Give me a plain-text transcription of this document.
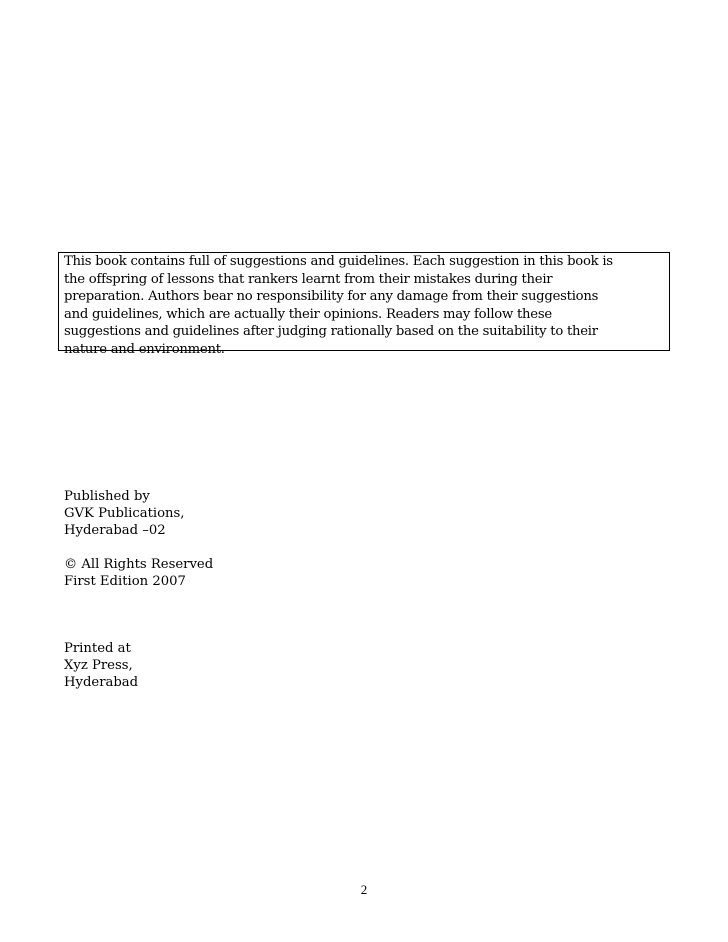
This book contains full of suggestions and guidelines. Each suggestion in this book is
the offspring of lessons that rankers learnt from their mistakes during their
preparation. Authors bear no responsibility for any damage from their suggestions
and guidelines, which are actually their opinions. Readers may follow these
suggestions and guidelines after judging rationally based on the suitability to their
nature and environment.

Published by
GVK Publications,
Hyderabad –02
© All Rights Reserved
First Edition 2007
Printed at
Xyz Press,
Hyderabad
2
